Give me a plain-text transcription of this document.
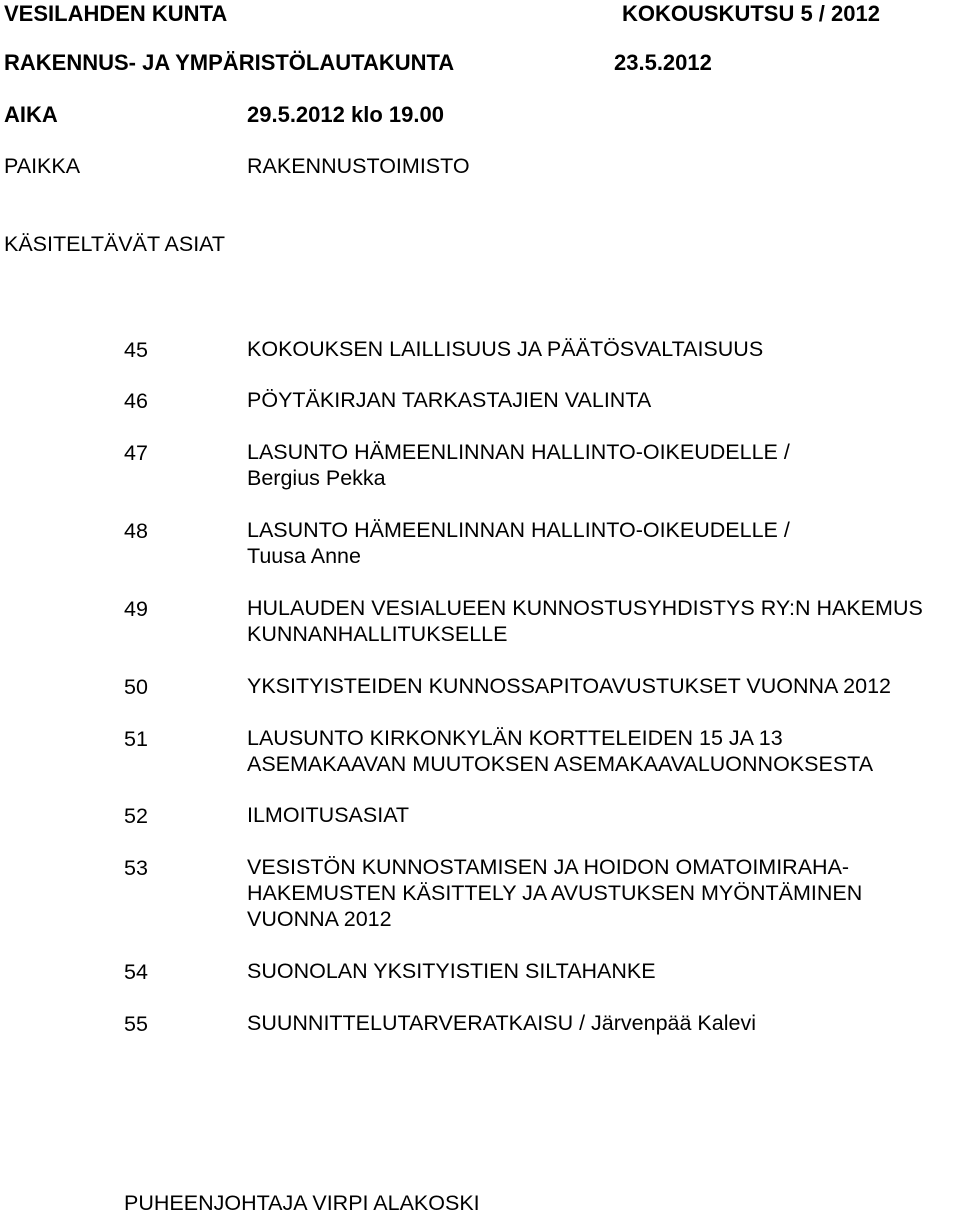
VESILAHDEN KUNTA	KOKOUSKUTSU 5 / 2012
RAKENNUS- JA YMPÄRISTÖLAUTAKUNTA	23.5.2012
AIKA	29.5.2012 klo 19.00
PAIKKA	RAKENNUSTOIMISTO
KÄSITELTÄVÄT ASIAT
45	KOKOUKSEN LAILLISUUS JA PÄÄTÖSVALTAISUUS
46	PÖYTÄKIRJAN TARKASTAJIEN VALINTA
47	LASUNTO HÄMEENLINNAN HALLINTO-OIKEUDELLE /
Bergius Pekka
48	LASUNTO HÄMEENLINNAN HALLINTO-OIKEUDELLE /
Tuusa Anne
49	HULAUDEN VESIALUEEN KUNNOSTUSYHDISTYS RY:N HAKEMUS
KUNNANHALLITUKSELLE
50	YKSITYISTEIDEN KUNNOSSAPITOAVUSTUKSET VUONNA 2012
51	LAUSUNTO KIRKONKYLÄN KORTTELEIDEN 15 JA 13
ASEMAKAAVAN MUUTOKSEN ASEMAKAAVALUONNOKSESTA
52	ILMOITUSASIAT
53	VESISTÖN KUNNOSTAMISEN JA HOIDON OMATOIMIRAHA-
HAKEMUSTEN KÄSITTELY JA AVUSTUKSEN MYÖNTÄMINEN
VUONNA 2012
54	SUONOLAN YKSITYISTIEN SILTAHANKE
55	SUUNNITTELUTARVERATKAISU / Järvenpää Kalevi
PUHEENJOHTAJA VIRPI ALAKOSKI
